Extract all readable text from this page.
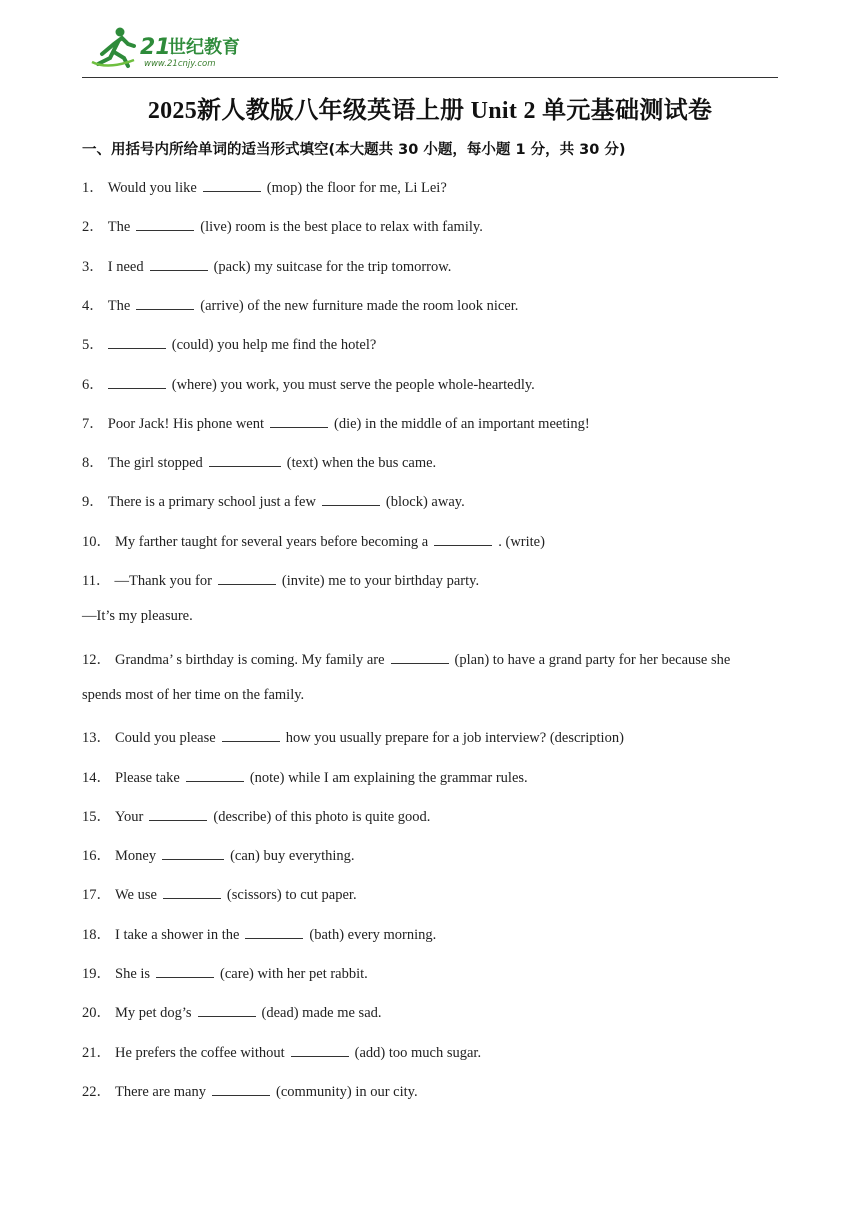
21
世纪教育
www.21cnjy.com
2025新人教版八年级英语上册 Unit 2 单元基础测试卷
一、用括号内所给单词的适当形式填空(本大题共 30 小题，每小题 1 分，共 30 分)
1． Would you like	(mop) the floor for me, Li Lei?
2． The	(live) room is the best place to relax with family.
3． I need	(pack) my suitcase for the trip tomorrow.
4． The	(arrive) of the new furniture made the room look nicer.
5．	(could) you help me find the hotel?
6．	(where) you work, you must serve the people whole-heartedly.
7． Poor Jack! His phone went	(die) in the middle of an important meeting!
8． The girl stopped	(text) when the bus came.
9． There is a primary school just a few	(block) away.
10． My farther taught for several years before becoming a	. (write)
11． —Thank you for	(invite) me to your birthday party.
—It’s my pleasure.
12． Grandma’ s birthday is coming. My family are	(plan) to have a grand party for her because she
spends most of her time on the family.
13． Could you please	how you usually prepare for a job interview? (description)
14． Please take	(note) while I am explaining the grammar rules.
15． Your	(describe) of this photo is quite good.
16． Money	(can) buy everything.
17． We use	(scissors) to cut paper.
18． I take a shower in the	(bath) every morning.
19． She is	(care) with her pet rabbit.
20． My pet dog’s	(dead) made me sad.
21． He prefers the coffee without	(add) too much sugar.
22． There are many	(community) in our city.
